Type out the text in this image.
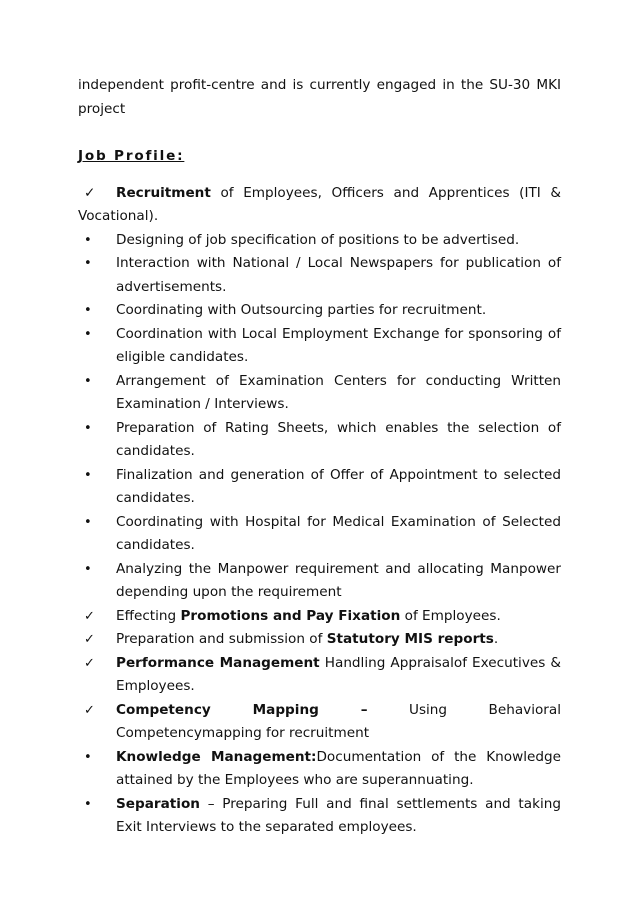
independent profit-centre and is currently engaged in the SU-30 MKI project

Job Profile:
✓ Recruitment of Employees, Officers and Apprentices (ITI & Vocational).
•	Designing of job specification of positions to be advertised.
•	Interaction with National / Local Newspapers for publication of advertisements.
•	Coordinating with Outsourcing parties for recruitment.
•	Coordination with Local Employment Exchange for sponsoring of eligible candidates.
•	Arrangement of Examination Centers for conducting Written Examination / Interviews.
•	Preparation of Rating Sheets, which enables the selection of candidates.
•	Finalization and generation of Offer of Appointment to selected candidates.
•	Coordinating with Hospital for Medical Examination of Selected candidates.
•	Analyzing the Manpower requirement and allocating Manpower depending upon the requirement
✓	Effecting Promotions and Pay Fixation of Employees.
✓	Preparation and submission of Statutory MIS reports.
✓	Performance Management Handling Appraisalof Executives & Employees.
✓	Competency Mapping – Using Behavioral Competencymapping for recruitment
•	Knowledge Management:Documentation of the Knowledge attained by the Employees who are superannuating.
•	Separation – Preparing Full and final settlements and taking Exit Interviews to the separated employees.
